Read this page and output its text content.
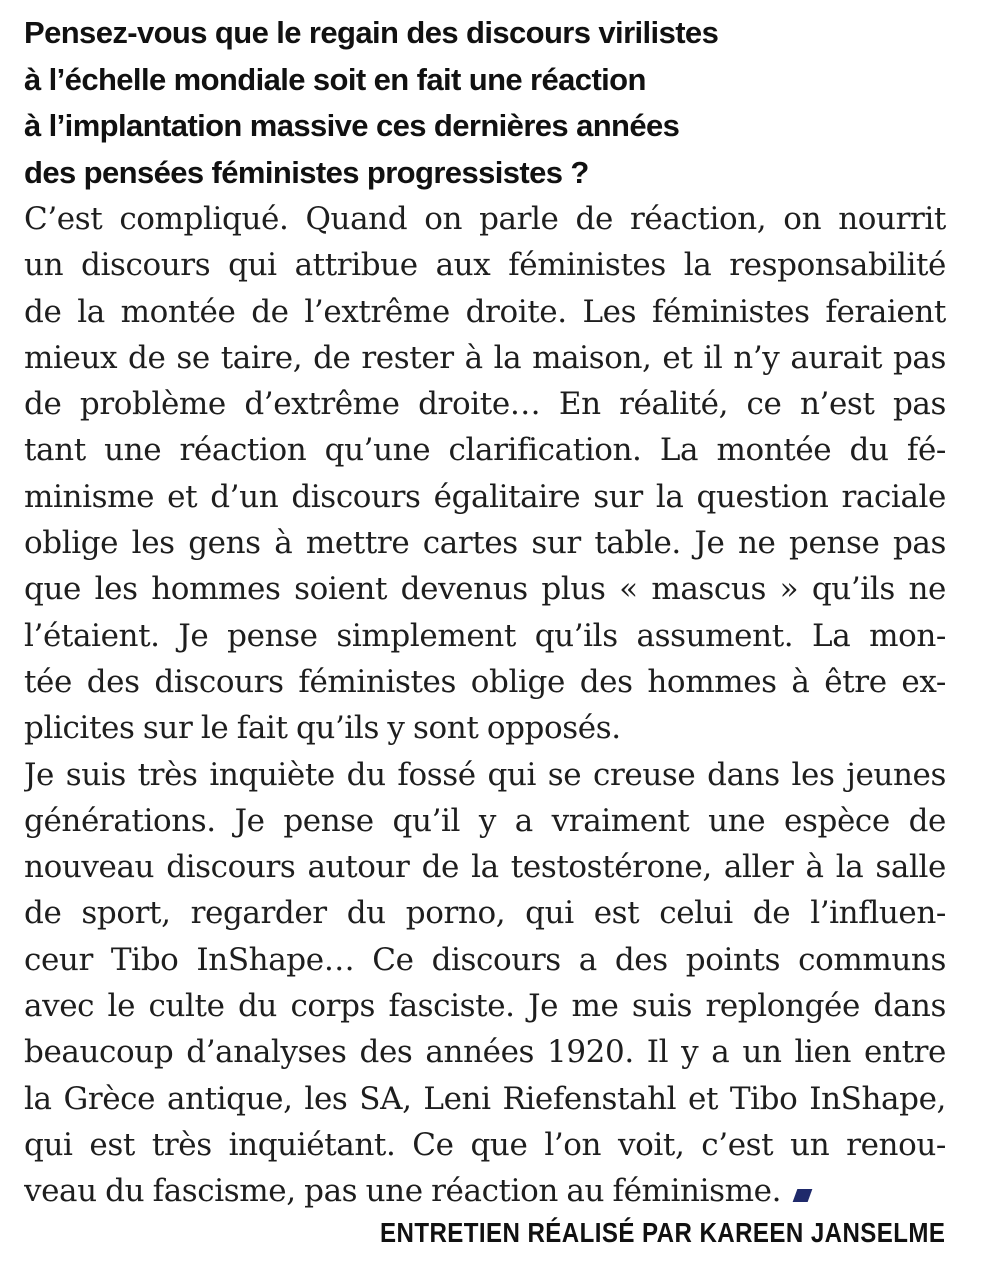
Pensez-vous que le regain des discours virilistes
à l’échelle mondiale soit en fait une réaction
à l’implantation massive ces dernières années
des pensées féministes progressistes ?
C’est compliqué. Quand on parle de réaction, on nourrit
un discours qui attribue aux féministes la responsabilité
de la montée de l’extrême droite. Les féministes feraient
mieux de se taire, de rester à la maison, et il n’y aurait pas
de problème d’extrême droite… En réalité, ce n’est pas
tant une réaction qu’une clarification. La montée du fé-
minisme et d’un discours égalitaire sur la question raciale
oblige les gens à mettre cartes sur table. Je ne pense pas
que les hommes soient devenus plus « mascus » qu’ils ne
l’étaient. Je pense simplement qu’ils assument. La mon-
tée des discours féministes oblige des hommes à être ex-
plicites sur le fait qu’ils y sont opposés.
Je suis très inquiète du fossé qui se creuse dans les jeunes
générations. Je pense qu’il y a vraiment une espèce de
nouveau discours autour de la testostérone, aller à la salle
de sport, regarder du porno, qui est celui de l’influen-
ceur Tibo InShape… Ce discours a des points communs
avec le culte du corps fasciste. Je me suis replongée dans
beaucoup d’analyses des années 1920. Il y a un lien entre
la Grèce antique, les SA, Leni Riefenstahl et Tibo InShape,
qui est très inquiétant. Ce que l’on voit, c’est un renou-
veau du fascisme, pas une réaction au féminisme.
ENTRETIEN RÉALISÉ PAR KAREEN JANSELME
